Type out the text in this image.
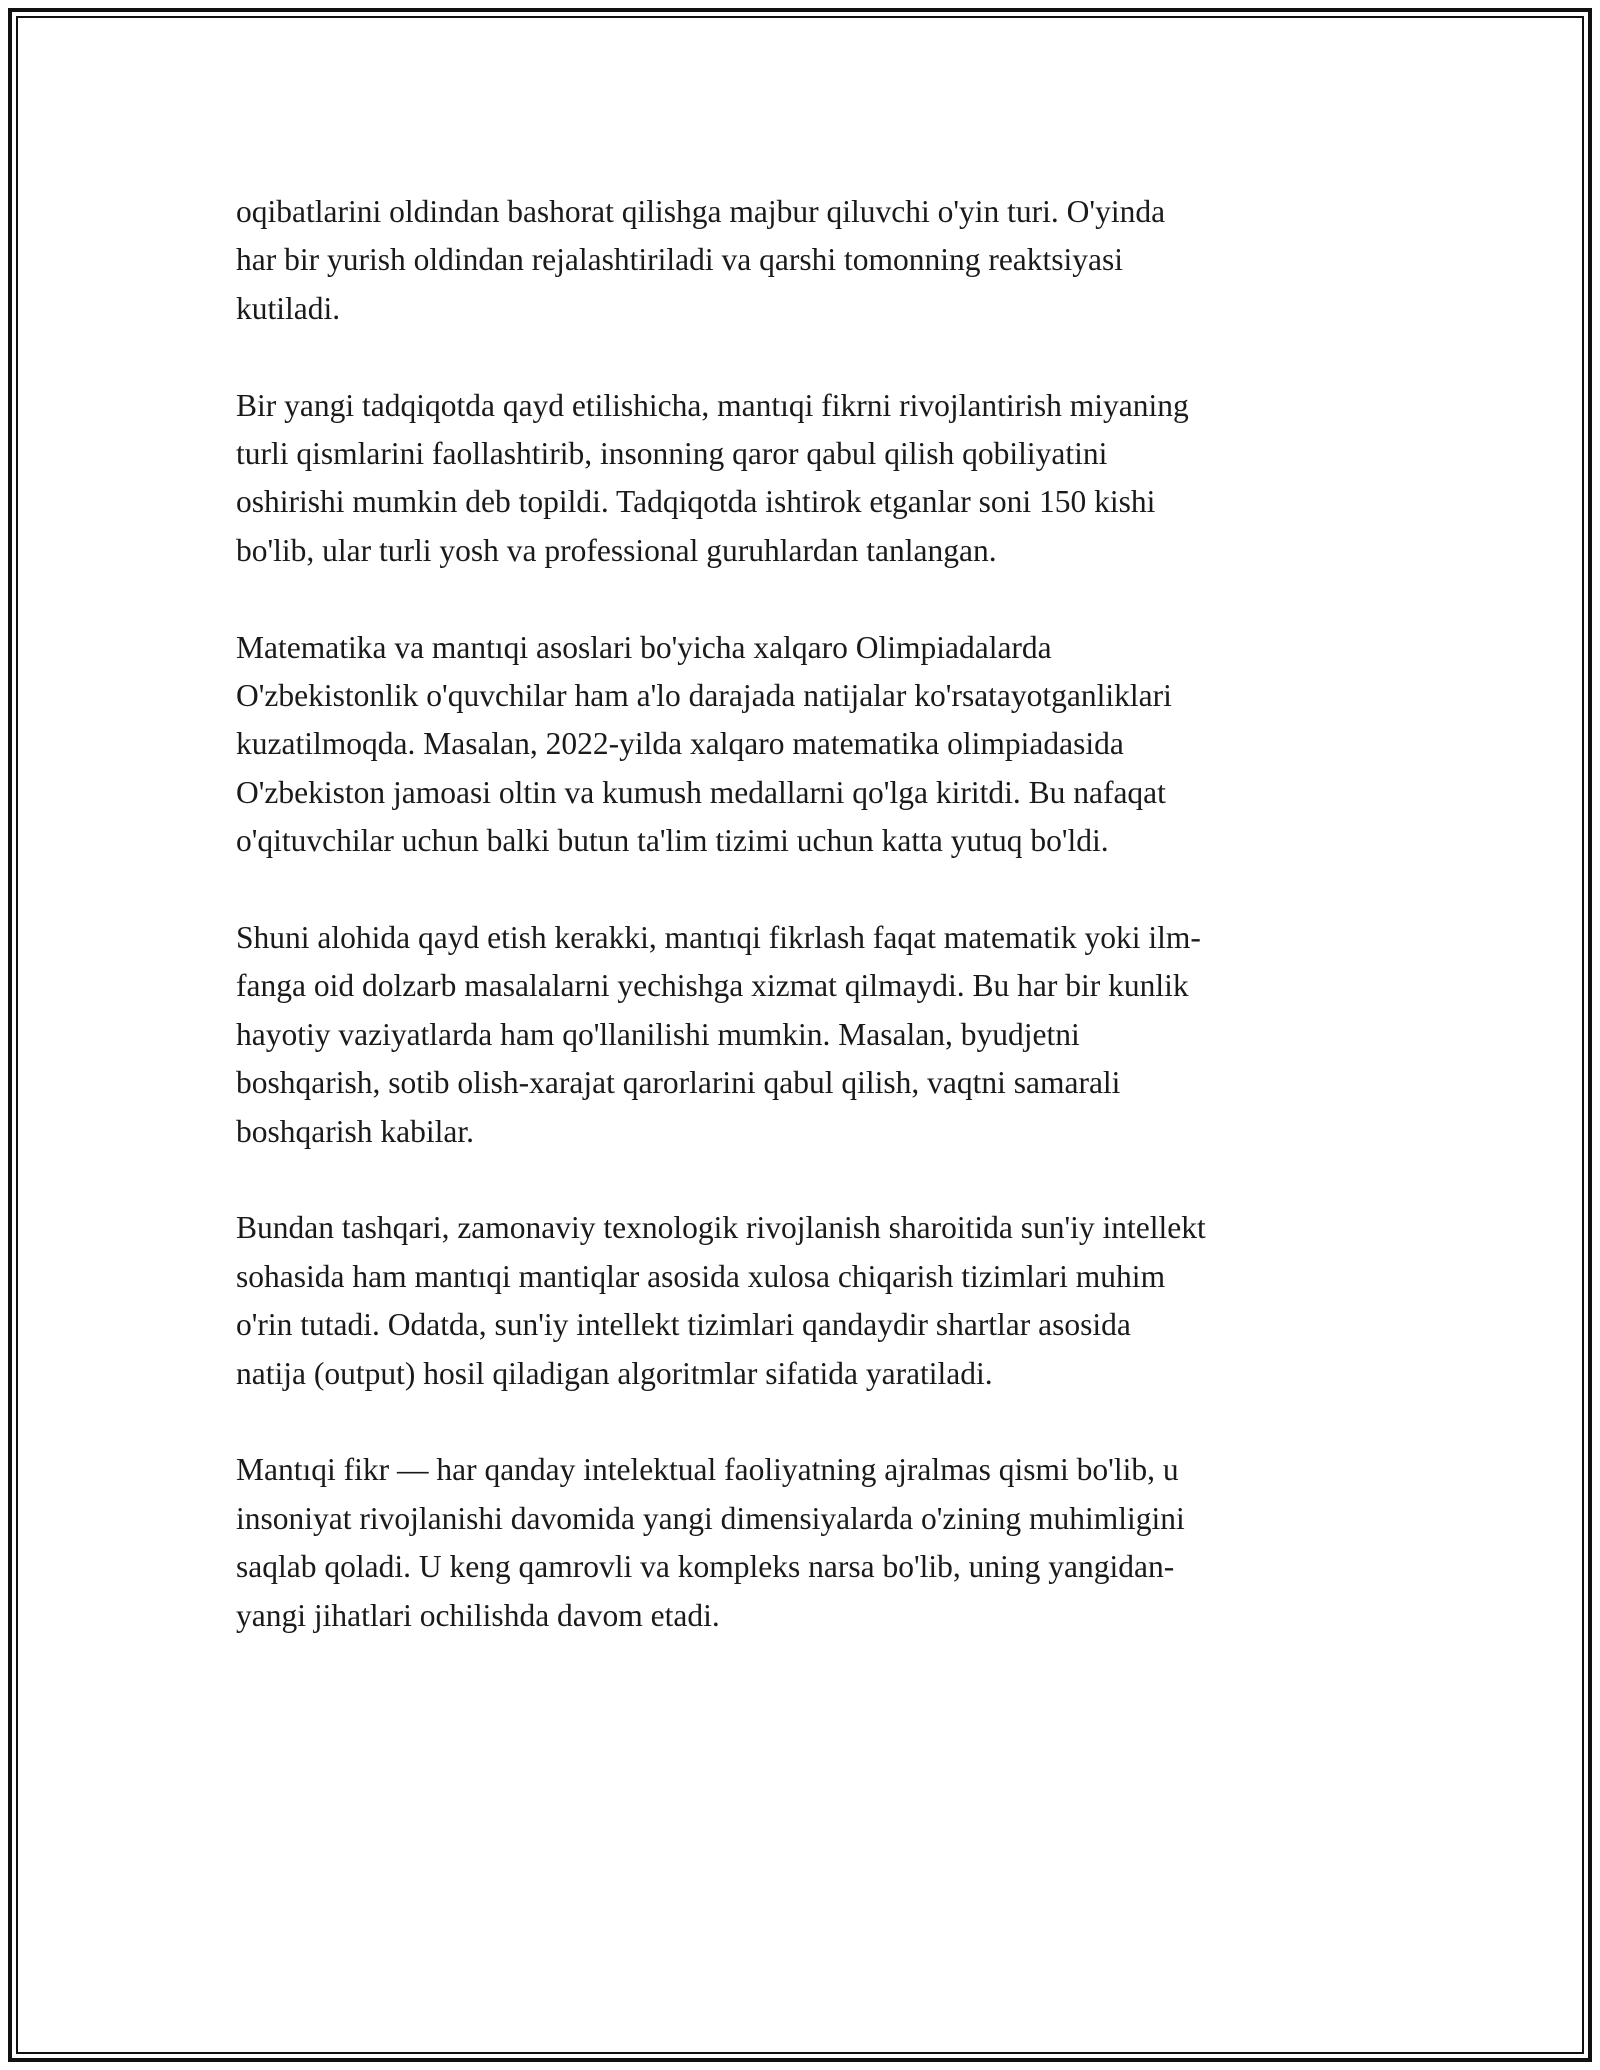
oqibatlarini oldindan bashorat qilishga majbur qiluvchi o'yin turi. O'yinda
har bir yurish oldindan rejalashtiriladi va qarshi tomonning reaktsiyasi
kutiladi.

Bir yangi tadqiqotda qayd etilishicha, mantıqi fikrni rivojlantirish miyaning
turli qismlarini faollashtirib, insonning qaror qabul qilish qobiliyatini
oshirishi mumkin deb topildi. Tadqiqotda ishtirok etganlar soni 150 kishi
bo'lib, ular turli yosh va professional guruhlardan tanlangan.

Matematika va mantıqi asoslari bo'yicha xalqaro Olimpiadalarda
O'zbekistonlik o'quvchilar ham a'lo darajada natijalar ko'rsatayotganliklari
kuzatilmoqda. Masalan, 2022-yilda xalqaro matematika olimpiadasida
O'zbekiston jamoasi oltin va kumush medallarni qo'lga kiritdi. Bu nafaqat
o'qituvchilar uchun balki butun ta'lim tizimi uchun katta yutuq bo'ldi.

Shuni alohida qayd etish kerakki, mantıqi fikrlash faqat matematik yoki ilm-
fanga oid dolzarb masalalarni yechishga xizmat qilmaydi. Bu har bir kunlik
hayotiy vaziyatlarda ham qo'llanilishi mumkin. Masalan, byudjetni
boshqarish, sotib olish-xarajat qarorlarini qabul qilish, vaqtni samarali
boshqarish kabilar.

Bundan tashqari, zamonaviy texnologik rivojlanish sharoitida sun'iy intellekt
sohasida ham mantıqi mantiqlar asosida xulosa chiqarish tizimlari muhim
o'rin tutadi. Odatda, sun'iy intellekt tizimlari qandaydir shartlar asosida
natija (output) hosil qiladigan algoritmlar sifatida yaratiladi.

Mantıqi fikr — har qanday intelektual faoliyatning ajralmas qismi bo'lib, u
insoniyat rivojlanishi davomida yangi dimensiyalarda o'zining muhimligini
saqlab qoladi. U keng qamrovli va kompleks narsa bo'lib, uning yangidan-
yangi jihatlari ochilishda davom etadi.
